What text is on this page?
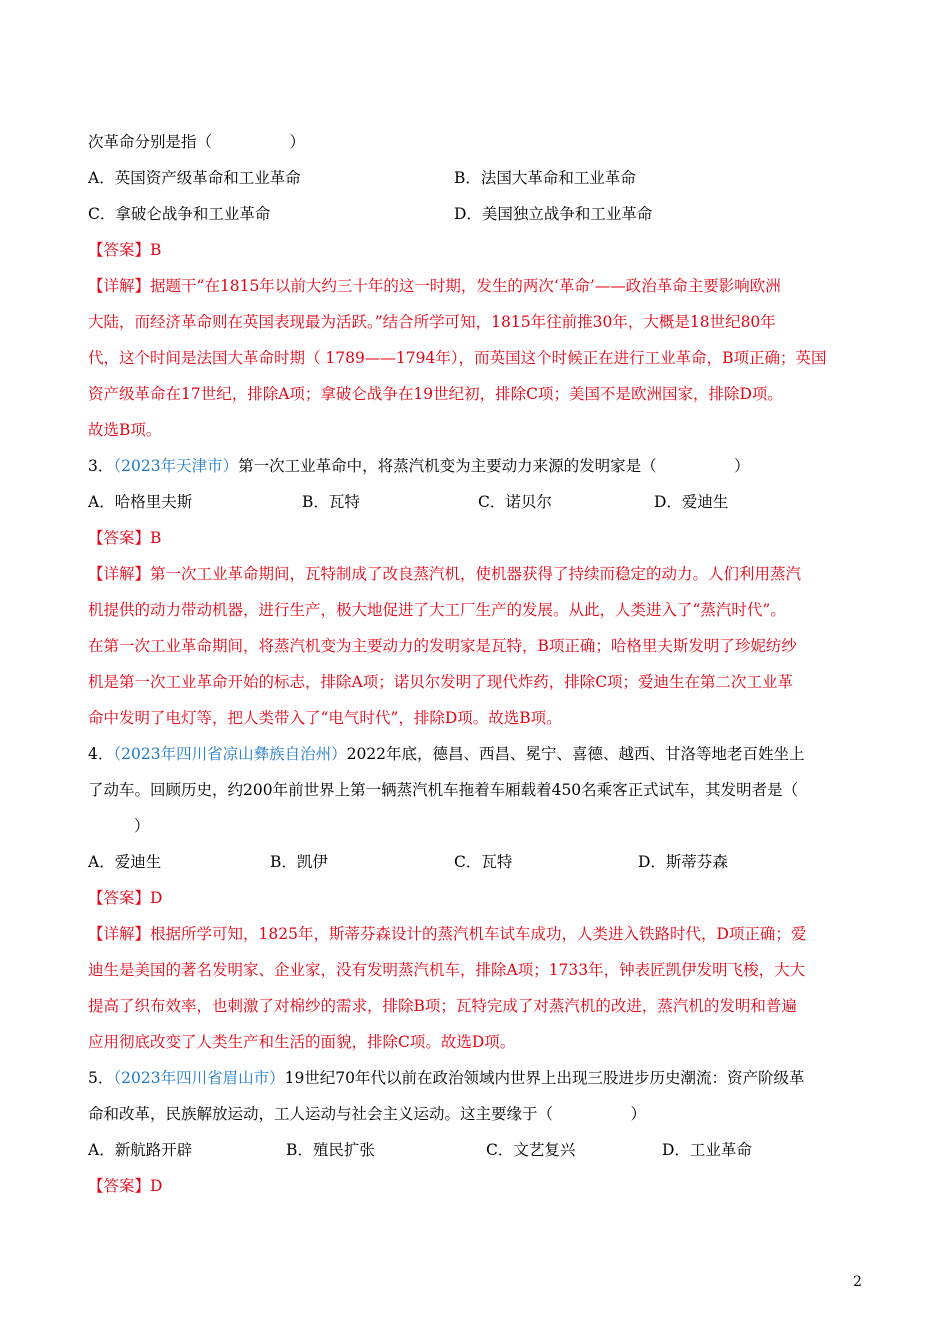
次革命分别是指（　　　　　）
A．英国资产级革命和工业革命	B．法国大革命和工业革命
C．拿破仑战争和工业革命	D．美国独立战争和工业革命
【答案】B
【详解】据题干“在1815年以前大约三十年的这一时期，发生的两次‘革命’——政治革命主要影响欧洲
大陆，而经济革命则在英国表现最为活跃。”结合所学可知，1815年往前推30年，大概是18世纪80年
代，这个时间是法国大革命时期（ 1789——1794年），而英国这个时候正在进行工业革命，B项正确；英国
资产级革命在17世纪，排除A项；拿破仑战争在19世纪初，排除C项；美国不是欧洲国家，排除D项。
故选B项。
3．（2023年天津市）第一次工业革命中，将蒸汽机变为主要动力来源的发明家是（　　　　　）
A．哈格里夫斯	B．瓦特	C．诺贝尔	D．爱迪生
【答案】B
【详解】第一次工业革命期间，瓦特制成了改良蒸汽机，使机器获得了持续而稳定的动力。人们利用蒸汽
机提供的动力带动机器，进行生产，极大地促进了大工厂生产的发展。从此，人类进入了“蒸汽时代”。
在第一次工业革命期间，将蒸汽机变为主要动力的发明家是瓦特，B项正确；哈格里夫斯发明了珍妮纺纱
机是第一次工业革命开始的标志，排除A项；诺贝尔发明了现代炸药，排除C项；爱迪生在第二次工业革
命中发明了电灯等，把人类带入了“电气时代”，排除D项。故选B项。
4．（2023年四川省凉山彝族自治州）2022年底，德昌、西昌、冕宁、喜德、越西、甘洛等地老百姓坐上
了动车。回顾历史，约200年前世界上第一辆蒸汽机车拖着车厢载着450名乘客正式试车，其发明者是（
）
A．爱迪生	B．凯伊	C．瓦特	D．斯蒂芬森
【答案】D
【详解】根据所学可知，1825年，斯蒂芬森设计的蒸汽机车试车成功，人类进入铁路时代，D项正确；爱
迪生是美国的著名发明家、企业家，没有发明蒸汽机车，排除A项；1733年，钟表匠凯伊发明飞梭，大大
提高了织布效率，也刺激了对棉纱的需求，排除B项；瓦特完成了对蒸汽机的改进，蒸汽机的发明和普遍
应用彻底改变了人类生产和生活的面貌，排除C项。故选D项。
5．（2023年四川省眉山市）19世纪70年代以前在政治领域内世界上出现三股进步历史潮流：资产阶级革
命和改革，民族解放运动，工人运动与社会主义运动。这主要缘于（　　　　　）
A．新航路开辟	B．殖民扩张	C．文艺复兴	D．工业革命
【答案】D
2
